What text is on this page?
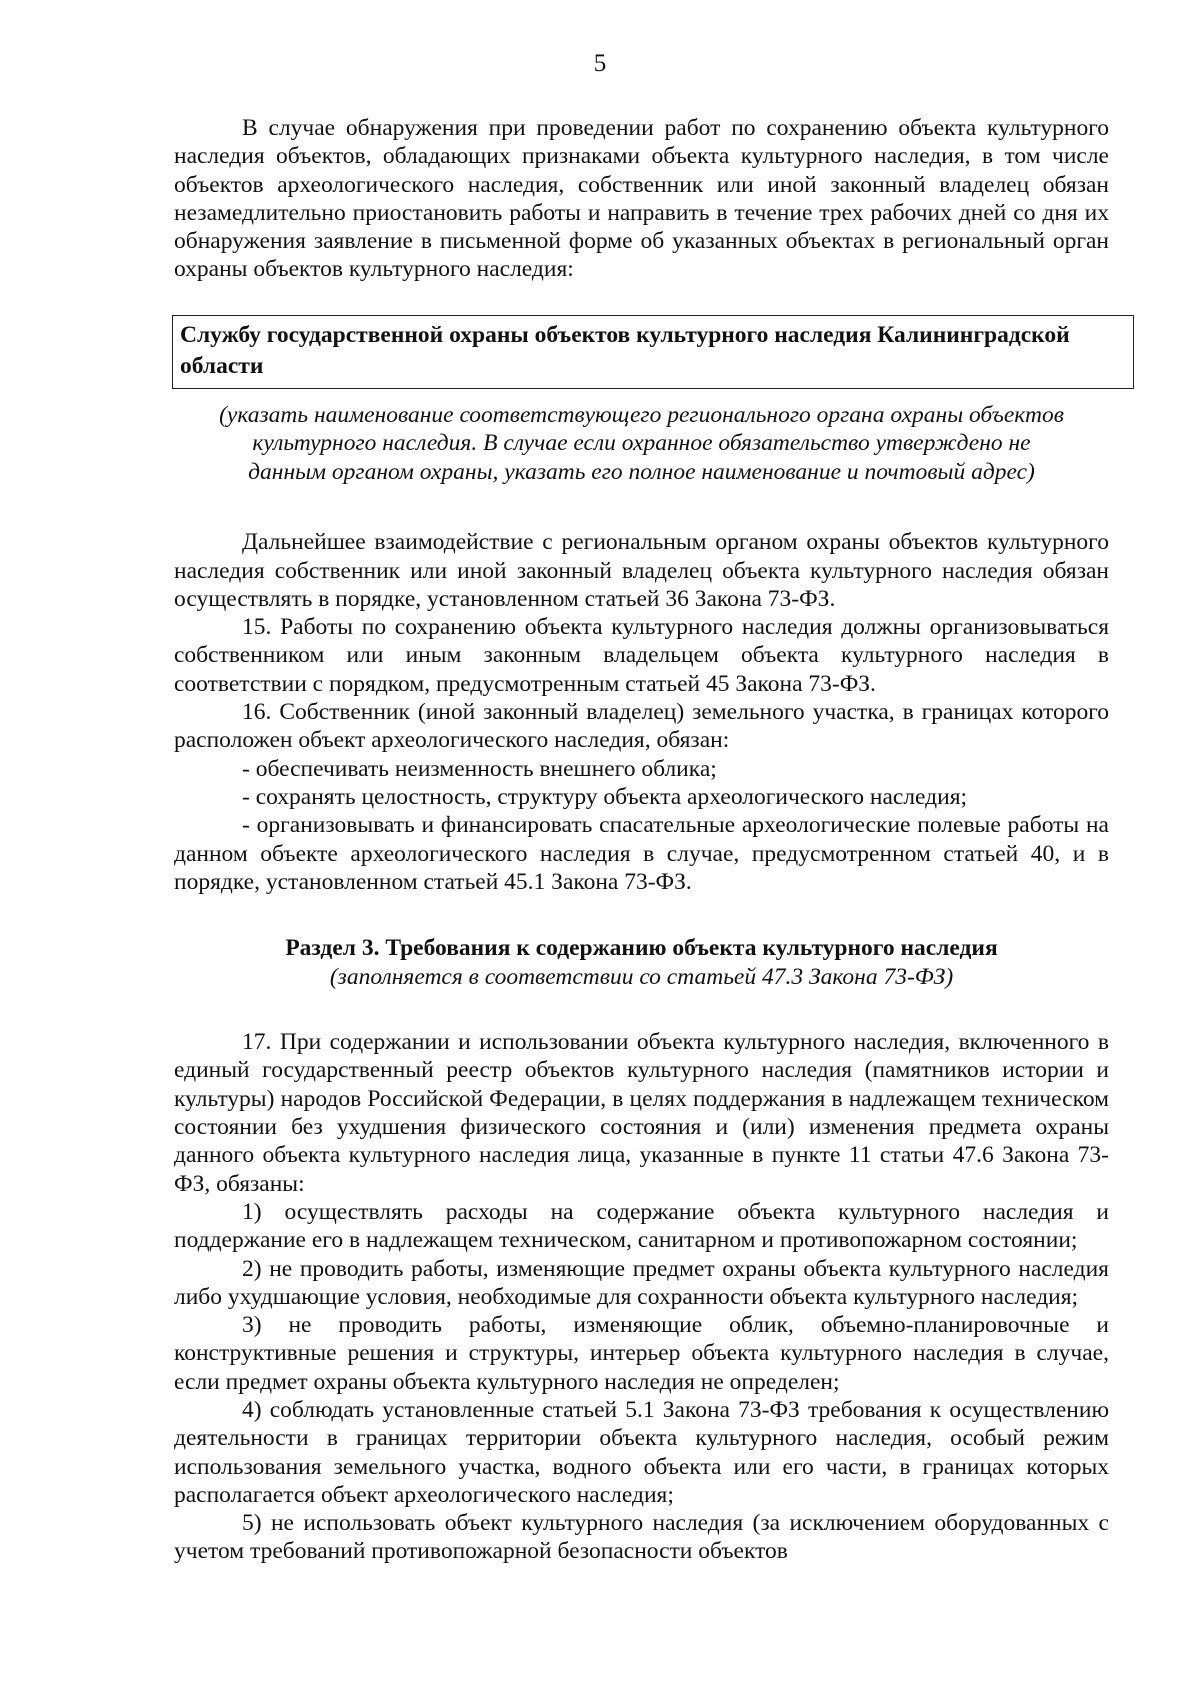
5

В случае обнаружения при проведении работ по сохранению объекта культурного наследия объектов, обладающих признаками объекта культурного наследия, в том числе объектов археологического наследия, собственник или иной законный владелец обязан незамедлительно приостановить работы и направить в течение трех рабочих дней со дня их обнаружения заявление в письменной форме об указанных объектах в региональный орган охраны объектов культурного наследия:

Службу государственной охраны объектов культурного наследия Калининградской области
(указать наименование соответствующего регионального органа охраны объектов культурного наследия. В случае если охранное обязательство утверждено не данным органом охраны, указать его полное наименование и почтовый адрес)

Дальнейшее взаимодействие с региональным органом охраны объектов культурного наследия собственник или иной законный владелец объекта культурного наследия обязан осуществлять в порядке, установленном статьей 36 Закона 73-ФЗ.

15. Работы по сохранению объекта культурного наследия должны организовываться собственником или иным законным владельцем объекта культурного наследия в соответствии с порядком, предусмотренным статьей 45 Закона 73-ФЗ.

16. Собственник (иной законный владелец) земельного участка, в границах которого расположен объект археологического наследия, обязан:

- обеспечивать неизменность внешнего облика;

- сохранять целостность, структуру объекта археологического наследия;

- организовывать и финансировать спасательные археологические полевые работы на данном объекте археологического наследия в случае, предусмотренном статьей 40, и в порядке, установленном статьей 45.1 Закона 73-ФЗ.

Раздел 3. Требования к содержанию объекта культурного наследия
(заполняется в соответствии со статьей 47.3 Закона 73-ФЗ)

17. При содержании и использовании объекта культурного наследия, включенного в единый государственный реестр объектов культурного наследия (памятников истории и культуры) народов Российской Федерации, в целях поддержания в надлежащем техническом состоянии без ухудшения физического состояния и (или) изменения предмета охраны данного объекта культурного наследия лица, указанные в пункте 11 статьи 47.6 Закона 73-ФЗ, обязаны:

1) осуществлять расходы на содержание объекта культурного наследия и поддержание его в надлежащем техническом, санитарном и противопожарном состоянии;

2) не проводить работы, изменяющие предмет охраны объекта культурного наследия либо ухудшающие условия, необходимые для сохранности объекта культурного наследия;

3) не проводить работы, изменяющие облик, объемно-планировочные и конструктивные решения и структуры, интерьер объекта культурного наследия в случае, если предмет охраны объекта культурного наследия не определен;

4) соблюдать установленные статьей 5.1 Закона 73-ФЗ требования к осуществлению деятельности в границах территории объекта культурного наследия, особый режим использования земельного участка, водного объекта или его части, в границах которых располагается объект археологического наследия;

5) не использовать объект культурного наследия (за исключением оборудованных с учетом требований противопожарной безопасности объектов
